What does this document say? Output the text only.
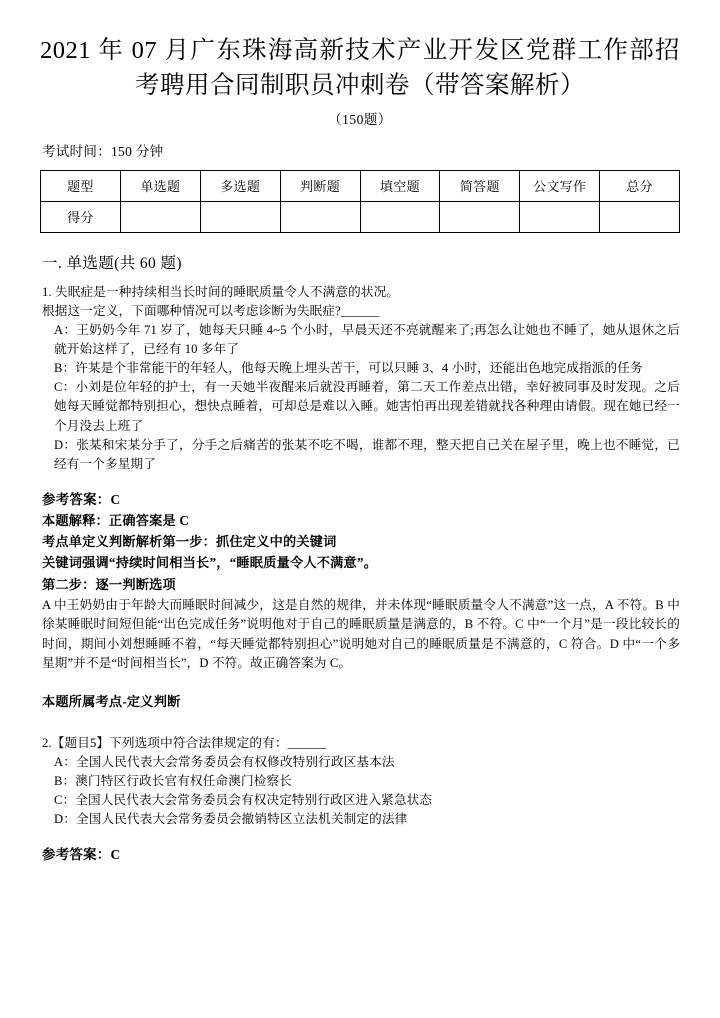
2021 年 07 月广东珠海高新技术产业开发区党群工作部招考聘用合同制职员冲刺卷（带答案解析）
（150题）
考试时间：150 分钟
题型	单选题	多选题	判断题	填空题	简答题	公文写作	总分
得分							
一. 单选题(共 60 题)
1. 失眠症是一种持续相当长时间的睡眠质量令人不满意的状况。
根据这一定义，下面哪种情况可以考虑诊断为失眠症?______
A：王奶奶今年 71 岁了，她每天只睡 4~5 个小时，早晨天还不亮就醒来了;再怎么让她也不睡了，她从退休之后就开始这样了，已经有 10 多年了
B：许某是个非常能干的年轻人，他每天晚上埋头苦干，可以只睡 3、4 小时，还能出色地完成指派的任务
C：小刘是位年轻的护士，有一天她半夜醒来后就没再睡着，第二天工作差点出错，幸好被同事及时发现。之后她每天睡觉都特别担心，想快点睡着，可却总是难以入睡。她害怕再出现差错就找各种理由请假。现在她已经一个月没去上班了
D：张某和宋某分手了，分手之后痛苦的张某不吃不喝，谁都不理，整天把自己关在屋子里，晚上也不睡觉，已经有一个多星期了
参考答案：C
本题解释：正确答案是 C
考点单定义判断解析第一步：抓住定义中的关键词
关键词强调“持续时间相当长”，“睡眠质量令人不满意”。
第二步：逐一判断选项
A 中王奶奶由于年龄大而睡眠时间减少，这是自然的规律，并未体现“睡眠质量令人不满意”这一点，A 不符。B 中徐某睡眠时间短但能“出色完成任务”说明他对于自己的睡眠质量是满意的，B 不符。C 中“一个月”是一段比较长的时间，期间小刘想睡睡不着，“每天睡觉都特别担心”说明她对自己的睡眠质量是不满意的，C 符合。D 中“一个多星期”并不是“时间相当长”，D 不符。故正确答案为 C。
本题所属考点-定义判断
2.【题目5】下列选项中符合法律规定的有：______
A：全国人民代表大会常务委员会有权修改特别行政区基本法
B：澳门特区行政长官有权任命澳门检察长
C：全国人民代表大会常务委员会有权决定特别行政区进入紧急状态
D：全国人民代表大会常务委员会撤销特区立法机关制定的法律
参考答案：C
